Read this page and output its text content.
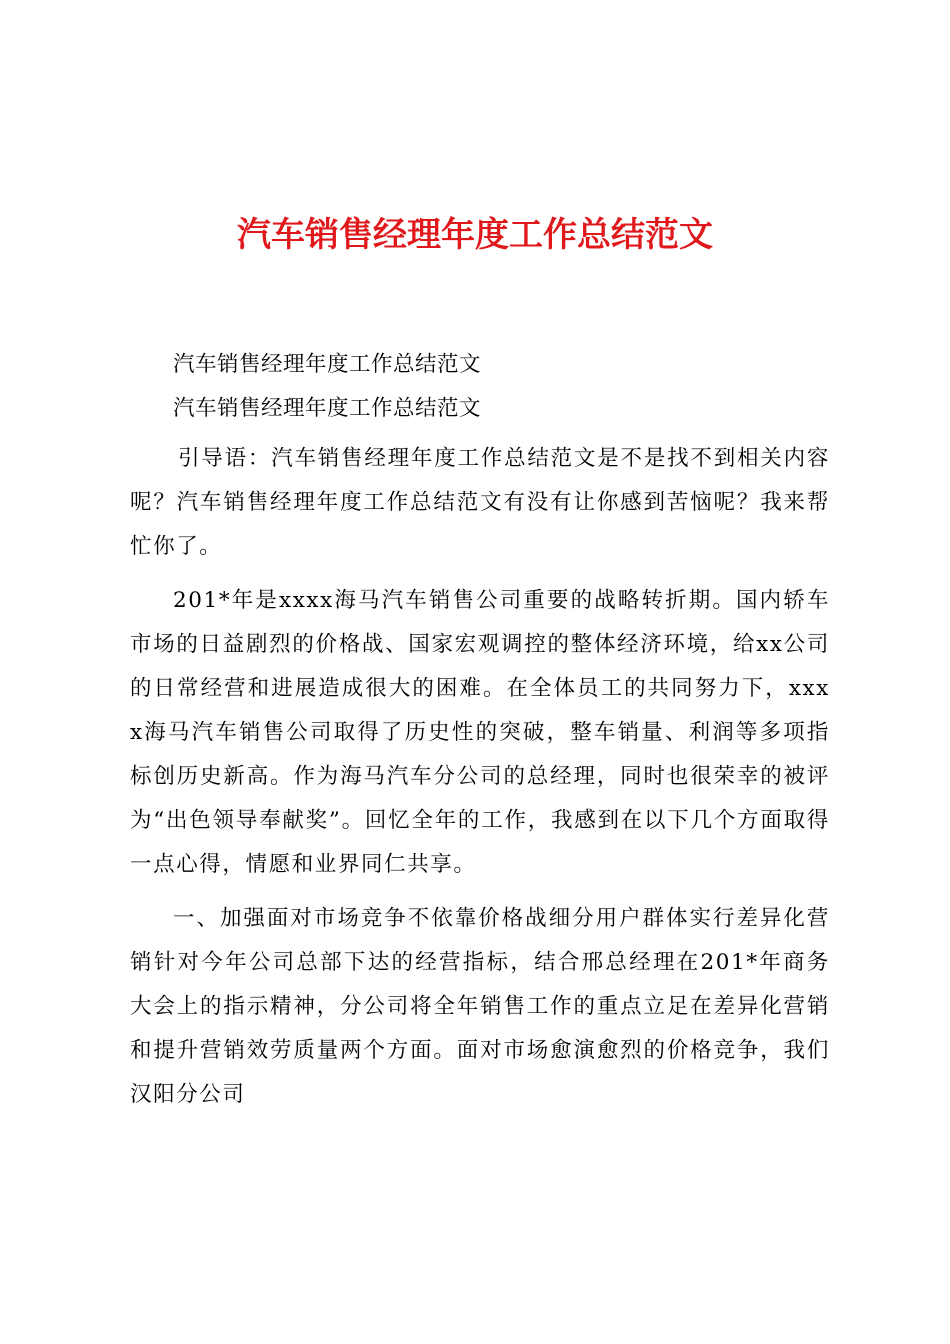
汽车销售经理年度工作总结范文

汽车销售经理年度工作总结范文

汽车销售经理年度工作总结范文

引导语：汽车销售经理年度工作总结范文是不是找不到相关内容呢？汽车销售经理年度工作总结范文有没有让你感到苦恼呢？我来帮忙你了。

201*年是xxxx海马汽车销售公司重要的战略转折期。国内轿车市场的日益剧烈的价格战、国家宏观调控的整体经济环境，给xx公司的日常经营和进展造成很大的困难。在全体员工的共同努力下，xxxx海马汽车销售公司取得了历史性的突破，整车销量、利润等多项指标创历史新高。作为海马汽车分公司的总经理，同时也很荣幸的被评为“出色领导奉献奖”。回忆全年的工作，我感到在以下几个方面取得一点心得，情愿和业界同仁共享。

一、加强面对市场竞争不依靠价格战细分用户群体实行差异化营销针对今年公司总部下达的经营指标，结合邢总经理在201*年商务大会上的指示精神，分公司将全年销售工作的重点立足在差异化营销和提升营销效劳质量两个方面。面对市场愈演愈烈的价格竞争，我们汉阳分公司
